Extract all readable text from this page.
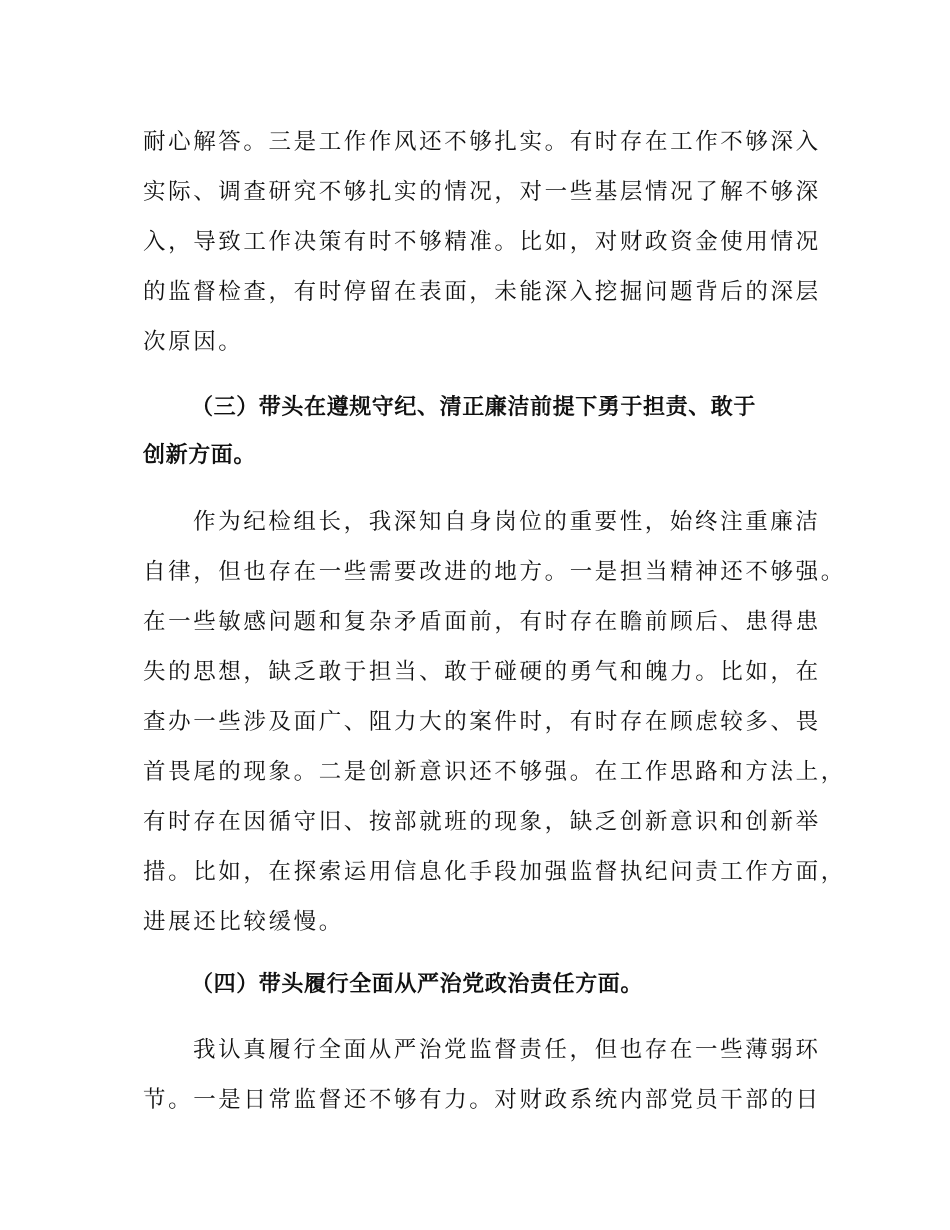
耐心解答。三是工作作风还不够扎实。有时存在工作不够深入
实际、调查研究不够扎实的情况，对一些基层情况了解不够深
入，导致工作决策有时不够精准。比如，对财政资金使用情况
的监督检查，有时停留在表面，未能深入挖掘问题背后的深层
次原因。
（三）带头在遵规守纪、清正廉洁前提下勇于担责、敢于
创新方面。
作为纪检组长，我深知自身岗位的重要性，始终注重廉洁
自律，但也存在一些需要改进的地方。一是担当精神还不够强。
在一些敏感问题和复杂矛盾面前，有时存在瞻前顾后、患得患
失的思想，缺乏敢于担当、敢于碰硬的勇气和魄力。比如，在
查办一些涉及面广、阻力大的案件时，有时存在顾虑较多、畏
首畏尾的现象。二是创新意识还不够强。在工作思路和方法上，
有时存在因循守旧、按部就班的现象，缺乏创新意识和创新举
措。比如，在探索运用信息化手段加强监督执纪问责工作方面，
进展还比较缓慢。
（四）带头履行全面从严治党政治责任方面。
我认真履行全面从严治党监督责任，但也存在一些薄弱环
节。一是日常监督还不够有力。对财政系统内部党员干部的日
